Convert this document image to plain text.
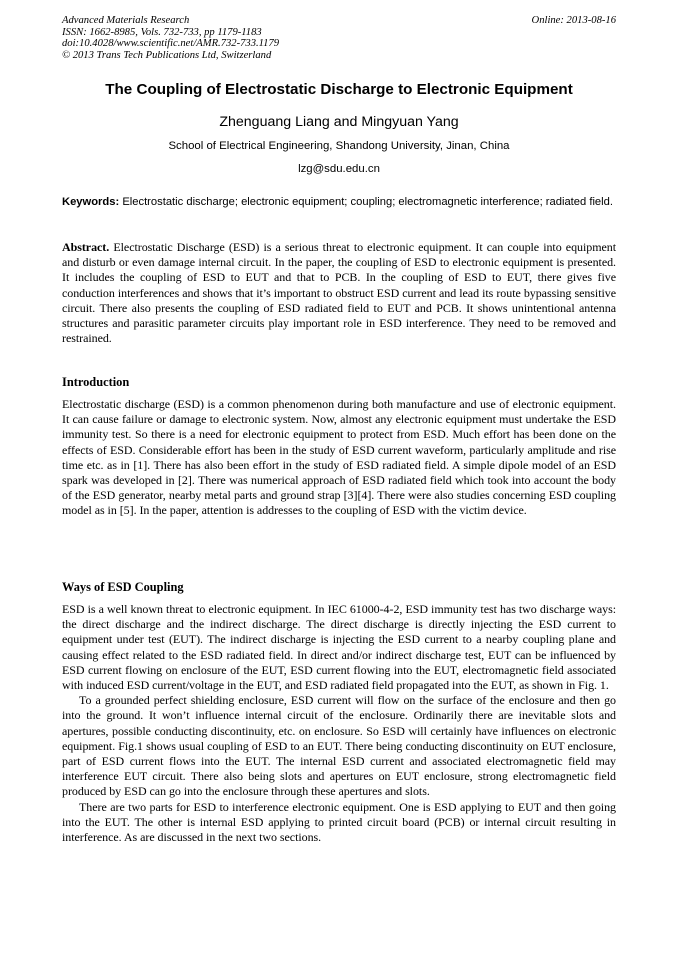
Advanced Materials Research
ISSN: 1662-8985, Vols. 732-733, pp 1179-1183
doi:10.4028/www.scientific.net/AMR.732-733.1179
© 2013 Trans Tech Publications Ltd, Switzerland
Online: 2013-08-16
The Coupling of Electrostatic Discharge to Electronic Equipment
Zhenguang Liang and Mingyuan Yang
School of Electrical Engineering, Shandong University, Jinan, China
lzg@sdu.edu.cn
Keywords: Electrostatic discharge; electronic equipment; coupling; electromagnetic interference; radiated field.

Abstract. Electrostatic Discharge (ESD) is a serious threat to electronic equipment. It can couple into equipment and disturb or even damage internal circuit. In the paper, the coupling of ESD to electronic equipment is presented. It includes the coupling of ESD to EUT and that to PCB. In the coupling of ESD to EUT, there gives five conduction interferences and shows that it’s important to obstruct ESD current and lead its route bypassing sensitive circuit. There also presents the coupling of ESD radiated field to EUT and PCB. It shows unintentional antenna structures and parasitic parameter circuits play important role in ESD interference. They need to be removed and restrained.

Introduction

Electrostatic discharge (ESD) is a common phenomenon during both manufacture and use of electronic equipment. It can cause failure or damage to electronic system. Now, almost any electronic equipment must undertake the ESD immunity test. So there is a need for electronic equipment to protect from ESD. Much effort has been done on the effects of ESD. Considerable effort has been in the study of ESD current waveform, particularly amplitude and rise time etc. as in [1]. There has also been effort in the study of ESD radiated field. A simple dipole model of an ESD spark was developed in [2]. There was numerical approach of ESD radiated field which took into account the body of the ESD generator, nearby metal parts and ground strap [3][4]. There were also studies concerning ESD coupling model as in [5]. In the paper, attention is addresses to the coupling of ESD with the victim device.

Ways of ESD Coupling

ESD is a well known threat to electronic equipment. In IEC 61000-4-2, ESD immunity test has two discharge ways: the direct discharge and the indirect discharge. The direct discharge is directly injecting the ESD current to equipment under test (EUT). The indirect discharge is injecting the ESD current to a nearby coupling plane and causing effect related to the ESD radiated field. In direct and/or indirect discharge test, EUT can be influenced by ESD current flowing on enclosure of the EUT, ESD current flowing into the EUT, electromagnetic field associated with induced ESD current/voltage in the EUT, and ESD radiated field propagated into the EUT, as shown in Fig. 1.

To a grounded perfect shielding enclosure, ESD current will flow on the surface of the enclosure and then go into the ground. It won’t influence internal circuit of the enclosure. Ordinarily there are inevitable slots and apertures, possible conducting discontinuity, etc. on enclosure. So ESD will certainly have influences on electronic equipment. Fig.1 shows usual coupling of ESD to an EUT. There being conducting discontinuity on EUT enclosure, part of ESD current flows into the EUT. The internal ESD current and associated electromagnetic field may interference EUT circuit. There also being slots and apertures on EUT enclosure, strong electromagnetic field produced by ESD can go into the enclosure through these apertures and slots.

There are two parts for ESD to interference electronic equipment. One is ESD applying to EUT and then going into the EUT. The other is internal ESD applying to printed circuit board (PCB) or internal circuit resulting in interference. As are discussed in the next two sections.
